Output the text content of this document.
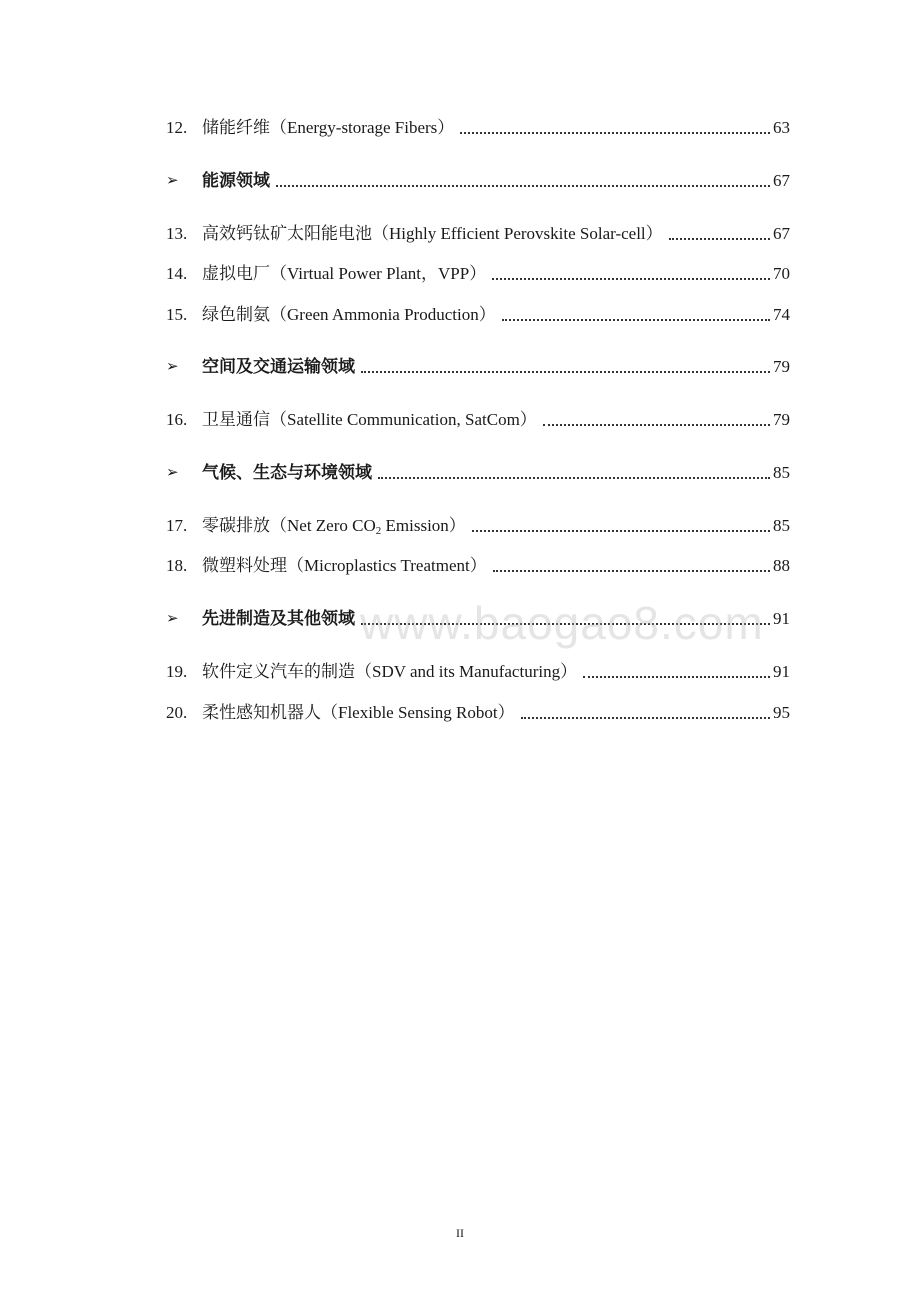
12. 储能纤维（Energy-storage Fibers）	63
➢	能源领域	67
13. 高效钙钛矿太阳能电池（Highly Efficient Perovskite Solar-cell）	67
14. 虚拟电厂（Virtual Power Plant，VPP）	70
15. 绿色制氨（Green Ammonia Production）	74
➢	空间及交通运输领域	79
16. 卫星通信（Satellite Communication, SatCom）	79
➢	气候、生态与环境领域	85
17. 零碳排放（Net Zero $CO_2$ Emission）	85
18. 微塑料处理（Microplastics Treatment）	88
➢	先进制造及其他领域	91
19. 软件定义汽车的制造（SDV and its Manufacturing）	91
20. 柔性感知机器人（Flexible Sensing Robot）	95
www.baogao8.com
II
